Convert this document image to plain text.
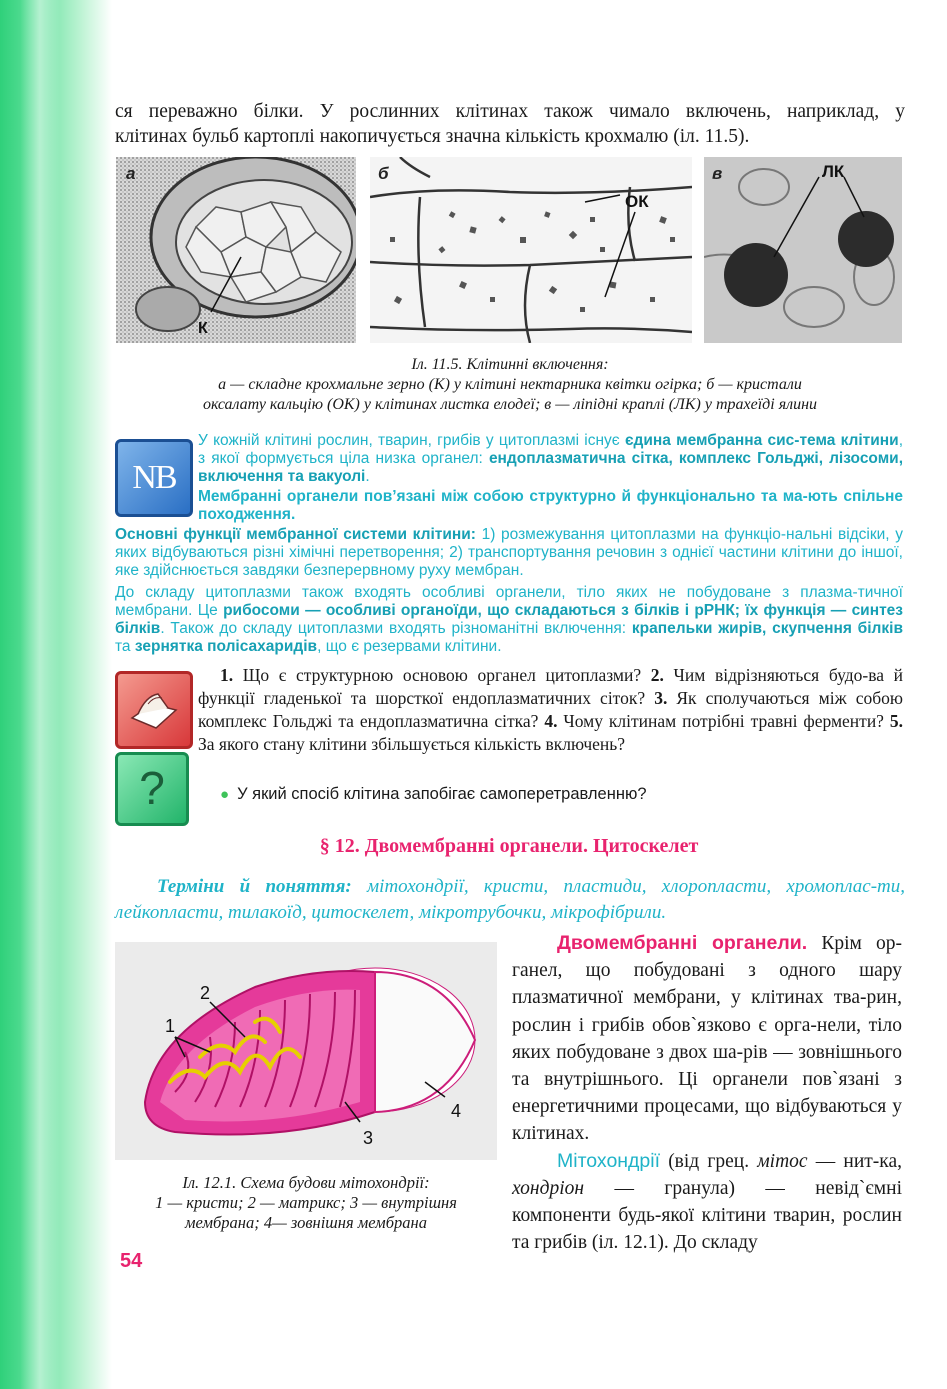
ся переважно білки. У рослинних клітинах також чимало включень, наприклад, у
клітинах бульб картоплі накопичується значна кількість крохмалю (іл. 11.5).
а
К
б
ОК
в	ЛК
Іл. 11.5. Клітинні включення:
а — складне крохмальне зерно (К) у клітині нектарника квітки огірка; б — кристали
оксалату кальцію (ОК) у клітинах листка елодеї; в — ліпідні краплі (ЛК) у трахеїді ялини
NB
У кожній клітині рослин, тварин, грибів у цитоплазмі існує єдина мембранна сис-тема клітини, з якої формується ціла низка органел: ендоплазматична сітка, комплекс Гольджі, лізосоми, включення та вакуолі.
Мембранні органели пов’язані між собою структурно й функціонально та ма-ють спільне походження.
Основні функції мембранної системи клітини: 1) розмежування цитоплазми на функціо-нальні відсіки, у яких відбуваються різні хімічні перетворення; 2) транспортування речовин з однієї частини клітини до іншої, яке здійснюється завдяки безперервному руху мембран.
До складу цитоплазми також входять особливі органели, тіло яких не побудоване з плазма-тичної мембрани. Це рибосоми — особливі органоїди, що складаються з білків і рРНК; їх функція — синтез білків. Також до складу цитоплазми входять різноманітні включення: крапельки жирів, скупчення білків та зернятка полісахаридів, що є резервами клітини.
1. Що є структурною основою органел цитоплазми? 2. Чим відрізняються будо-ва й функції гладенької та шорсткої ендоплазматичних сіток? 3. Як сполучаються між собою комплекс Гольджі та ендоплазматична сітка? 4. Чому клітинам потрібні травні ферменти? 5. За якого стану клітини збільшується кількість включень?
?	● У який спосіб клітина запобігає самоперетравленню?
§ 12. Двомембранні органели. Цитоскелет
Терміни й поняття: мітохондрії, кристи, пластиди, хлоропласти, хромоплас-ти, лейкопласти, тилакоїд, цитоскелет, мікротрубочки, мікрофібрили.
1
2
3
4
Іл. 12.1. Схема будови мітохондрії:
1 — кристи; 2 — матрикс; 3 — внутрішня
мембрана; 4— зовнішня мембрана
Двомембранні органели. Крім ор-ганел, що побудовані з одного шару плазматичної мембрани, у клітинах тва-рин, рослин і грибів обов`язково є орга-нели, тіло яких побудоване з двох ша-рів — зовнішнього та внутрішнього. Ці органели пов`язані з енергетичними процесами, що відбуваються у клітинах.
Мітохондрії (від грец. мітос — нит-ка, хондріон — гранула) — невід`ємні компоненти будь-якої клітини тварин, рослин та грибів (іл. 12.1). До складу
54
